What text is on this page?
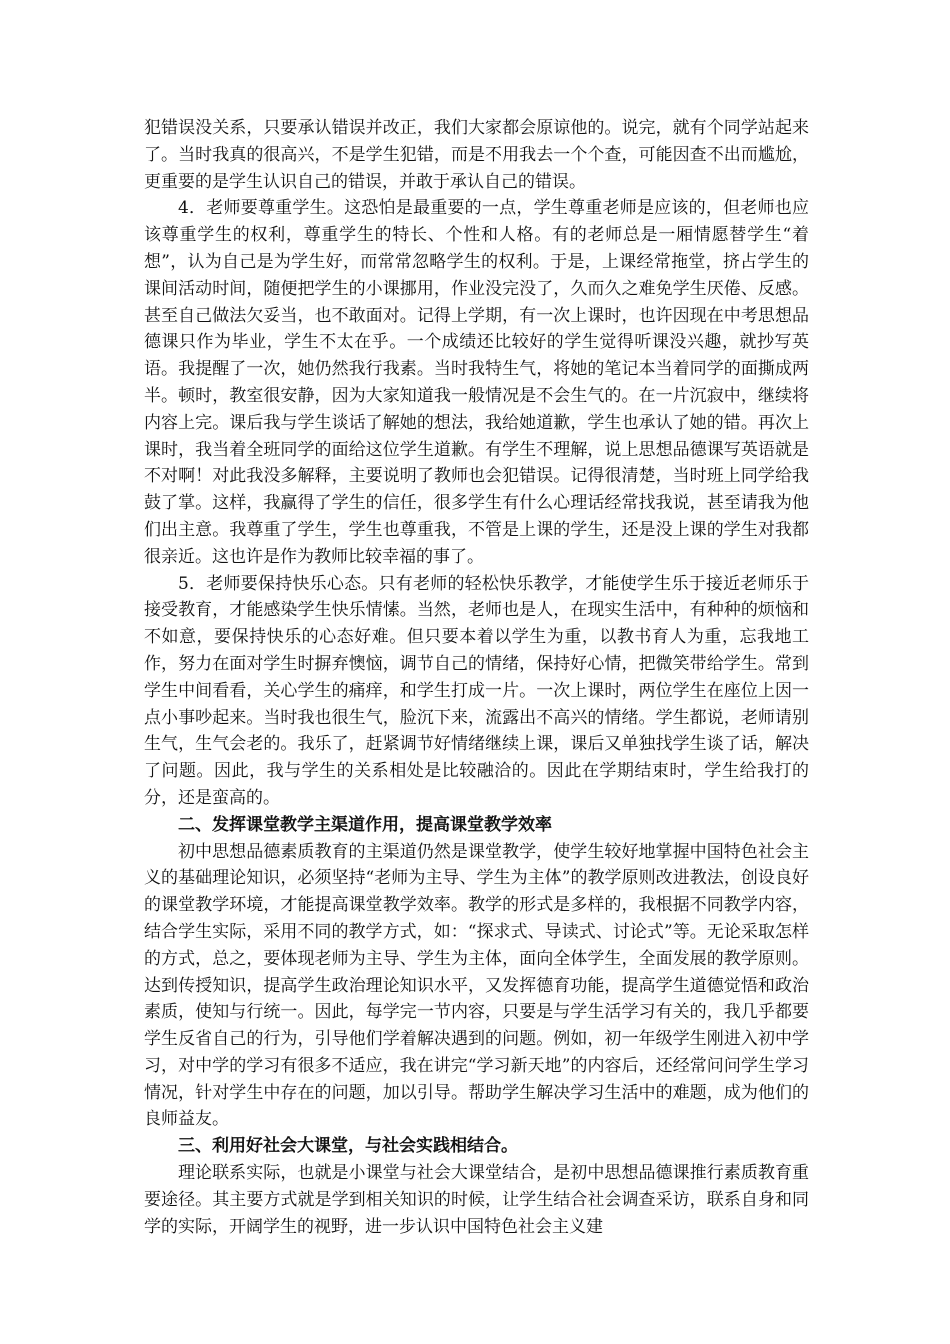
犯错误没关系，只要承认错误并改正，我们大家都会原谅他的。说完，就有个同学站起来了。当时我真的很高兴，不是学生犯错，而是不用我去一个个查，可能因查不出而尴尬，更重要的是学生认识自己的错误，并敢于承认自己的错误。

4．老师要尊重学生。这恐怕是最重要的一点，学生尊重老师是应该的，但老师也应该尊重学生的权利，尊重学生的特长、个性和人格。有的老师总是一厢情愿替学生“着想”，认为自己是为学生好，而常常忽略学生的权利。于是，上课经常拖堂，挤占学生的课间活动时间，随便把学生的小课挪用，作业没完没了，久而久之难免学生厌倦、反感。甚至自己做法欠妥当，也不敢面对。记得上学期，有一次上课时，也许因现在中考思想品德课只作为毕业，学生不太在乎。一个成绩还比较好的学生觉得听课没兴趣，就抄写英语。我提醒了一次，她仍然我行我素。当时我特生气，将她的笔记本当着同学的面撕成两半。顿时，教室很安静，因为大家知道我一般情况是不会生气的。在一片沉寂中，继续将内容上完。课后我与学生谈话了解她的想法，我给她道歉，学生也承认了她的错。再次上课时，我当着全班同学的面给这位学生道歉。有学生不理解，说上思想品德课写英语就是不对啊！对此我没多解释，主要说明了教师也会犯错误。记得很清楚，当时班上同学给我鼓了掌。这样，我赢得了学生的信任，很多学生有什么心理话经常找我说，甚至请我为他们出主意。我尊重了学生，学生也尊重我，不管是上课的学生，还是没上课的学生对我都很亲近。这也许是作为教师比较幸福的事了。

5．老师要保持快乐心态。只有老师的轻松快乐教学，才能使学生乐于接近老师乐于接受教育，才能感染学生快乐情愫。当然，老师也是人，在现实生活中，有种种的烦恼和不如意，要保持快乐的心态好难。但只要本着以学生为重，以教书育人为重，忘我地工作，努力在面对学生时摒弃懊恼，调节自己的情绪，保持好心情，把微笑带给学生。常到学生中间看看，关心学生的痛痒，和学生打成一片。一次上课时，两位学生在座位上因一点小事吵起来。当时我也很生气，脸沉下来，流露出不高兴的情绪。学生都说，老师请别生气，生气会老的。我乐了，赶紧调节好情绪继续上课，课后又单独找学生谈了话，解决了问题。因此，我与学生的关系相处是比较融洽的。因此在学期结束时，学生给我打的分，还是蛮高的。

二、发挥课堂教学主渠道作用，提高课堂教学效率

初中思想品德素质教育的主渠道仍然是课堂教学，使学生较好地掌握中国特色社会主义的基础理论知识，必须坚持“老师为主导、学生为主体”的教学原则改进教法，创设良好的课堂教学环境，才能提高课堂教学效率。教学的形式是多样的，我根据不同教学内容，结合学生实际，采用不同的教学方式，如：“探求式、导读式、讨论式”等。无论采取怎样的方式，总之，要体现老师为主导、学生为主体，面向全体学生，全面发展的教学原则。达到传授知识，提高学生政治理论知识水平，又发挥德育功能，提高学生道德觉悟和政治素质，使知与行统一。因此，每学完一节内容，只要是与学生活学习有关的，我几乎都要学生反省自己的行为，引导他们学着解决遇到的问题。例如，初一年级学生刚进入初中学习，对中学的学习有很多不适应，我在讲完“学习新天地”的内容后，还经常问问学生学习情况，针对学生中存在的问题，加以引导。帮助学生解决学习生活中的难题，成为他们的良师益友。

三、利用好社会大课堂，与社会实践相结合。

理论联系实际，也就是小课堂与社会大课堂结合，是初中思想品德课推行素质教育重要途径。其主要方式就是学到相关知识的时候，让学生结合社会调查采访，联系自身和同学的实际，开阔学生的视野，进一步认识中国特色社会主义建
